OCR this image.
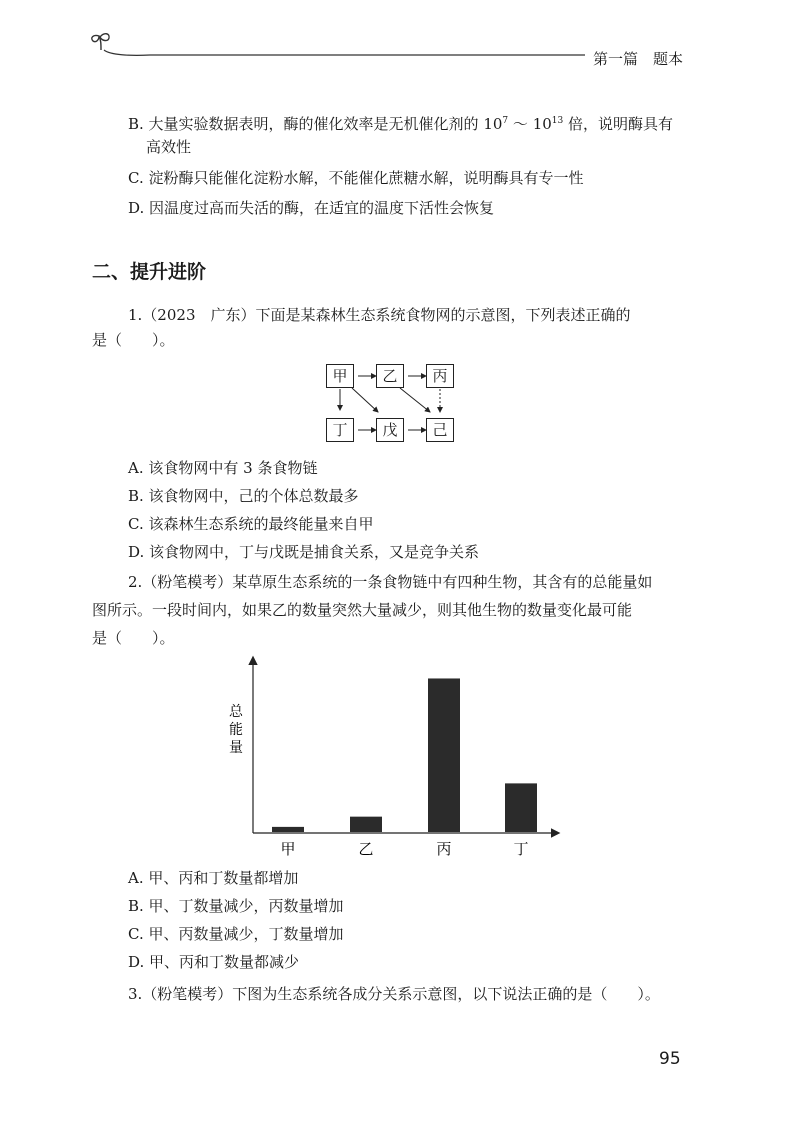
第一篇　题本
B. 大量实验数据表明，酶的催化效率是无机催化剂的 $10^7$ ～ $10^{13}$ 倍，说明酶具有
高效性
C. 淀粉酶只能催化淀粉水解，不能催化蔗糖水解，说明酶具有专一性
D. 因温度过高而失活的酶，在适宜的温度下活性会恢复
二、提升进阶
1.（2023　广东）下面是某森林生态系统食物网的示意图，下列表述正确的
是（　　）。
甲	乙	丙
丁	戊	己
A. 该食物网中有 3 条食物链
B. 该食物网中，己的个体总数最多
C. 该森林生态系统的最终能量来自甲
D. 该食物网中，丁与戊既是捕食关系，又是竞争关系
2.（粉笔模考）某草原生态系统的一条食物链中有四种生物，其含有的总能量如
图所示。一段时间内，如果乙的数量突然大量减少，则其他生物的数量变化最可能
是（　　）。
总能量
甲	乙	丙	丁
A. 甲、丙和丁数量都增加
B. 甲、丁数量减少，丙数量增加
C. 甲、丙数量减少，丁数量增加
D. 甲、丙和丁数量都减少
3.（粉笔模考）下图为生态系统各成分关系示意图，以下说法正确的是（　　）。
95
